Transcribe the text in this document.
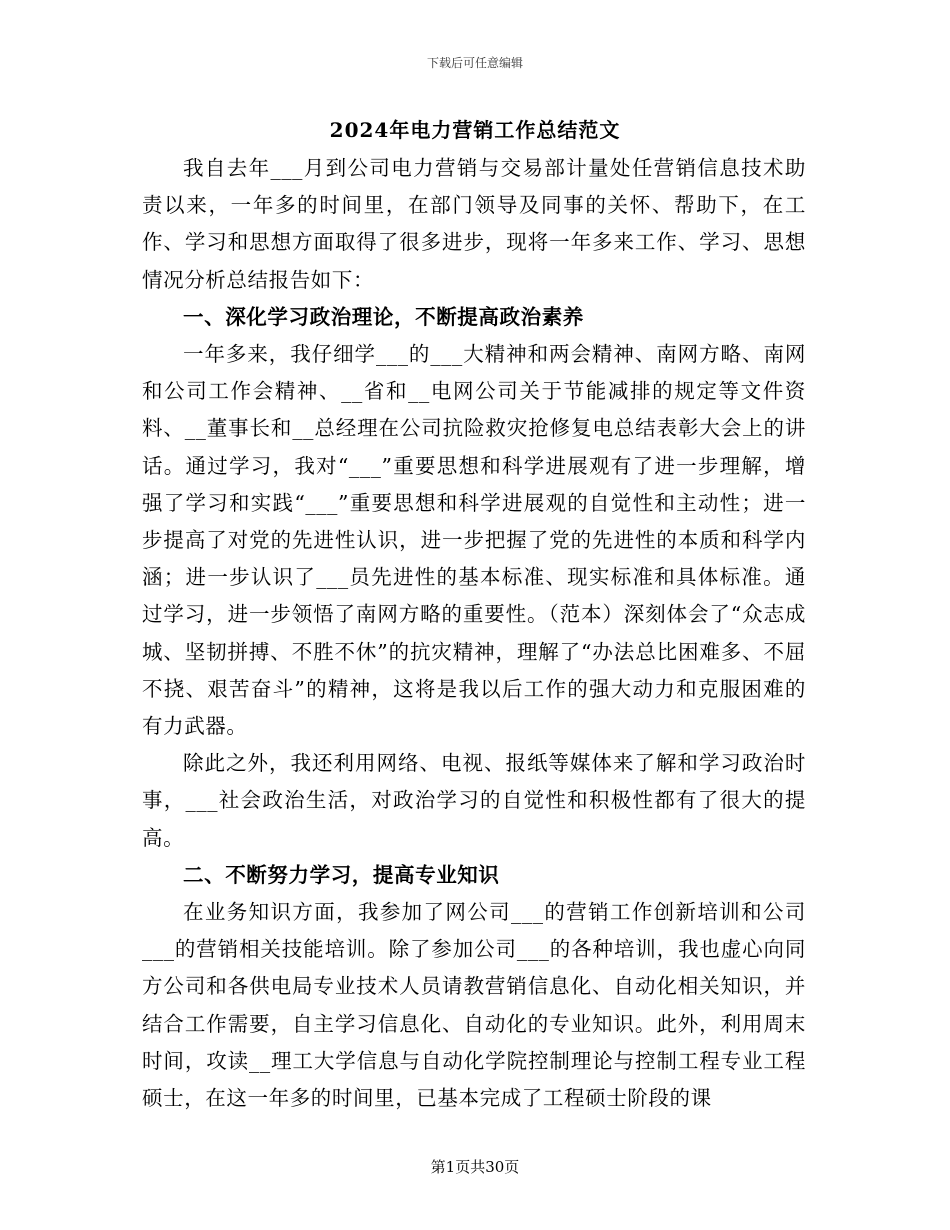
下载后可任意编辑
2024年电力营销工作总结范文

我自去年___月到公司电力营销与交易部计量处任营销信息技术助责以来，一年多的时间里，在部门领导及同事的关怀、帮助下，在工作、学习和思想方面取得了很多进步，现将一年多来工作、学习、思想情况分析总结报告如下：

一、深化学习政治理论，不断提高政治素养

一年多来，我仔细学___的___大精神和两会精神、南网方略、南网和公司工作会精神、__省和__电网公司关于节能减排的规定等文件资料、__董事长和__总经理在公司抗险救灾抢修复电总结表彰大会上的讲话。通过学习，我对“___”重要思想和科学进展观有了进一步理解，增强了学习和实践“___”重要思想和科学进展观的自觉性和主动性；进一步提高了对党的先进性认识，进一步把握了党的先进性的本质和科学内涵；进一步认识了___员先进性的基本标准、现实标准和具体标准。通过学习，进一步领悟了南网方略的重要性。（范本）深刻体会了“众志成城、坚韧拼搏、不胜不休”的抗灾精神，理解了“办法总比困难多、不屈不挠、艰苦奋斗”的精神，这将是我以后工作的强大动力和克服困难的有力武器。

除此之外，我还利用网络、电视、报纸等媒体来了解和学习政治时事，___社会政治生活，对政治学习的自觉性和积极性都有了很大的提高。

二、不断努力学习，提高专业知识

在业务知识方面，我参加了网公司___的营销工作创新培训和公司___的营销相关技能培训。除了参加公司___的各种培训，我也虚心向同方公司和各供电局专业技术人员请教营销信息化、自动化相关知识，并结合工作需要，自主学习信息化、自动化的专业知识。此外，利用周末时间，攻读__理工大学信息与自动化学院控制理论与控制工程专业工程硕士，在这一年多的时间里，已基本完成了工程硕士阶段的课

第1页共30页
